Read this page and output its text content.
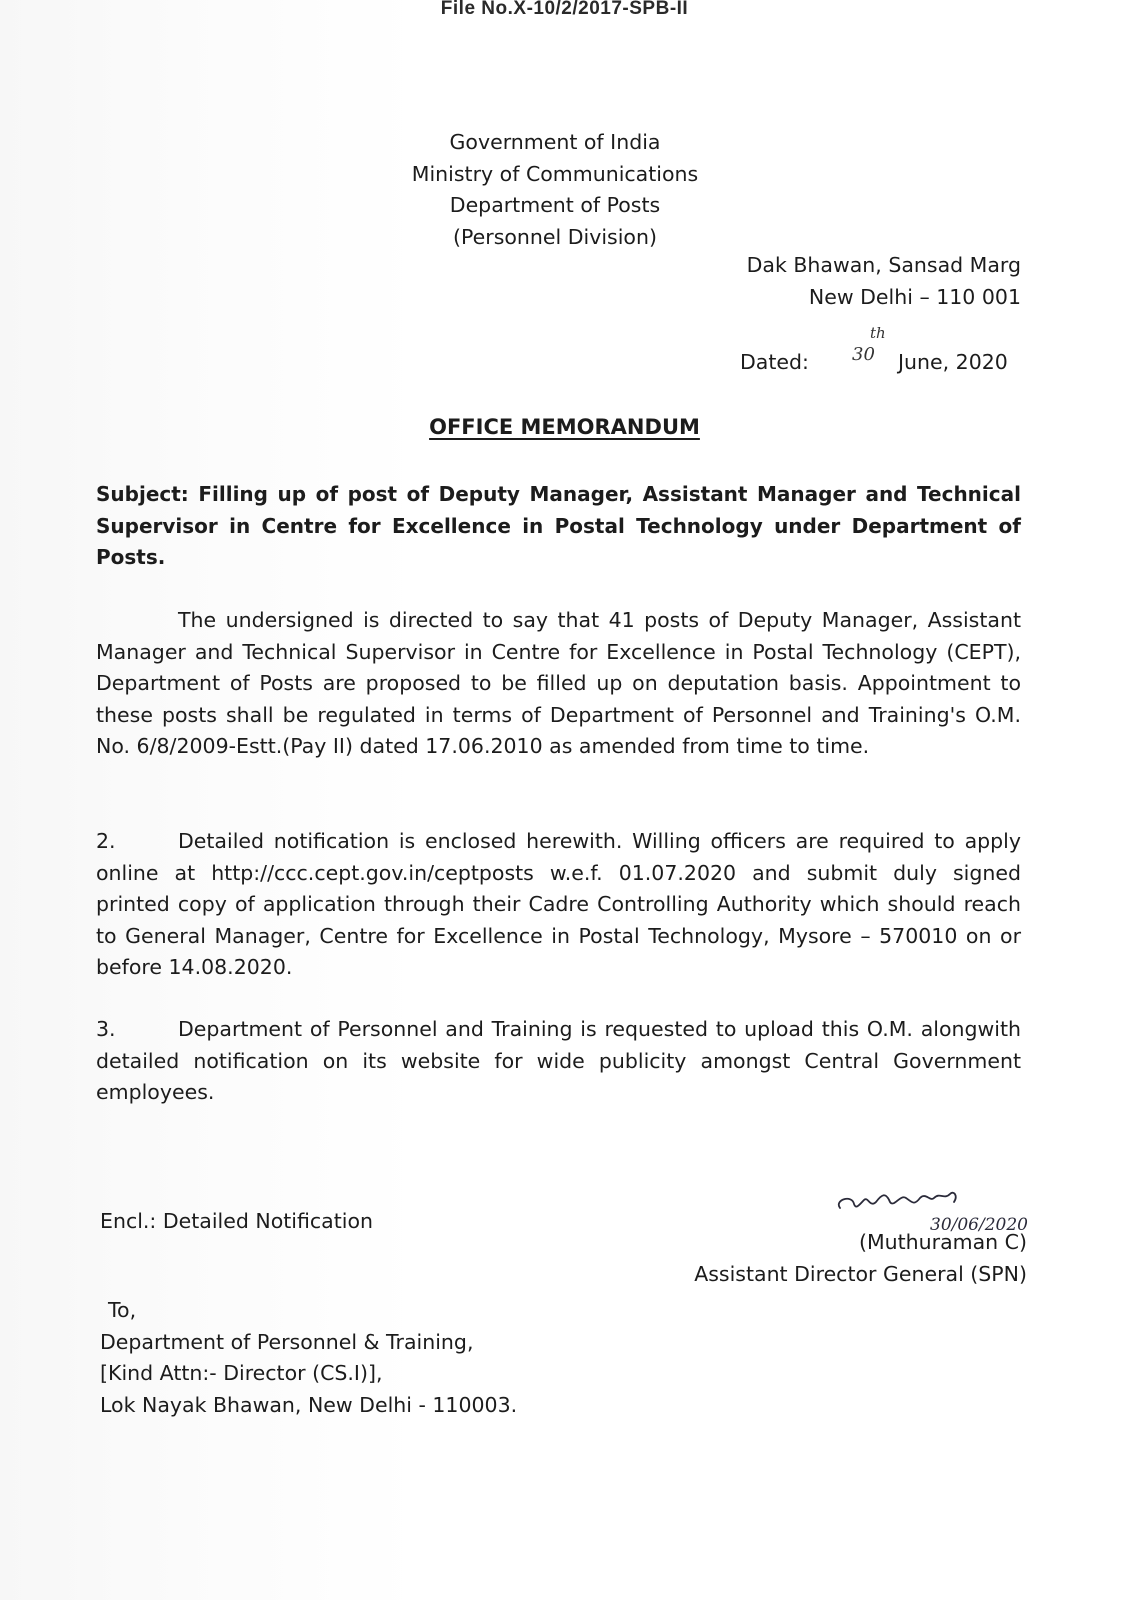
File No.X-10/2/2017-SPB-II
Government of India
Ministry of Communications
Department of Posts
(Personnel Division)
Dak Bhawan, Sansad Marg
New Delhi – 110 001
Dated:
th
30 June, 2020
OFFICE MEMORANDUM
Subject: Filling up of post of Deputy Manager, Assistant Manager and Technical Supervisor in Centre for Excellence in Postal Technology under Department of Posts.
The undersigned is directed to say that 41 posts of Deputy Manager, Assistant Manager and Technical Supervisor in Centre for Excellence in Postal Technology (CEPT), Department of Posts are proposed to be filled up on deputation basis. Appointment to these posts shall be regulated in terms of Department of Personnel and Training's O.M. No. 6/8/2009-Estt.(Pay II) dated 17.06.2010 as amended from time to time.
2.	Detailed notification is enclosed herewith. Willing officers are required to apply online at http://ccc.cept.gov.in/ceptposts w.e.f. 01.07.2020 and submit duly signed printed copy of application through their Cadre Controlling Authority which should reach to General Manager, Centre for Excellence in Postal Technology, Mysore – 570010 on or before 14.08.2020.
3.	Department of Personnel and Training is requested to upload this O.M. alongwith detailed notification on its website for wide publicity amongst Central Government employees.
Encl.: Detailed Notification	30/06/2020
(Muthuraman C)
Assistant Director General (SPN)
To,
Department of Personnel & Training,
[Kind Attn:- Director (CS.I)],
Lok Nayak Bhawan, New Delhi - 110003.
